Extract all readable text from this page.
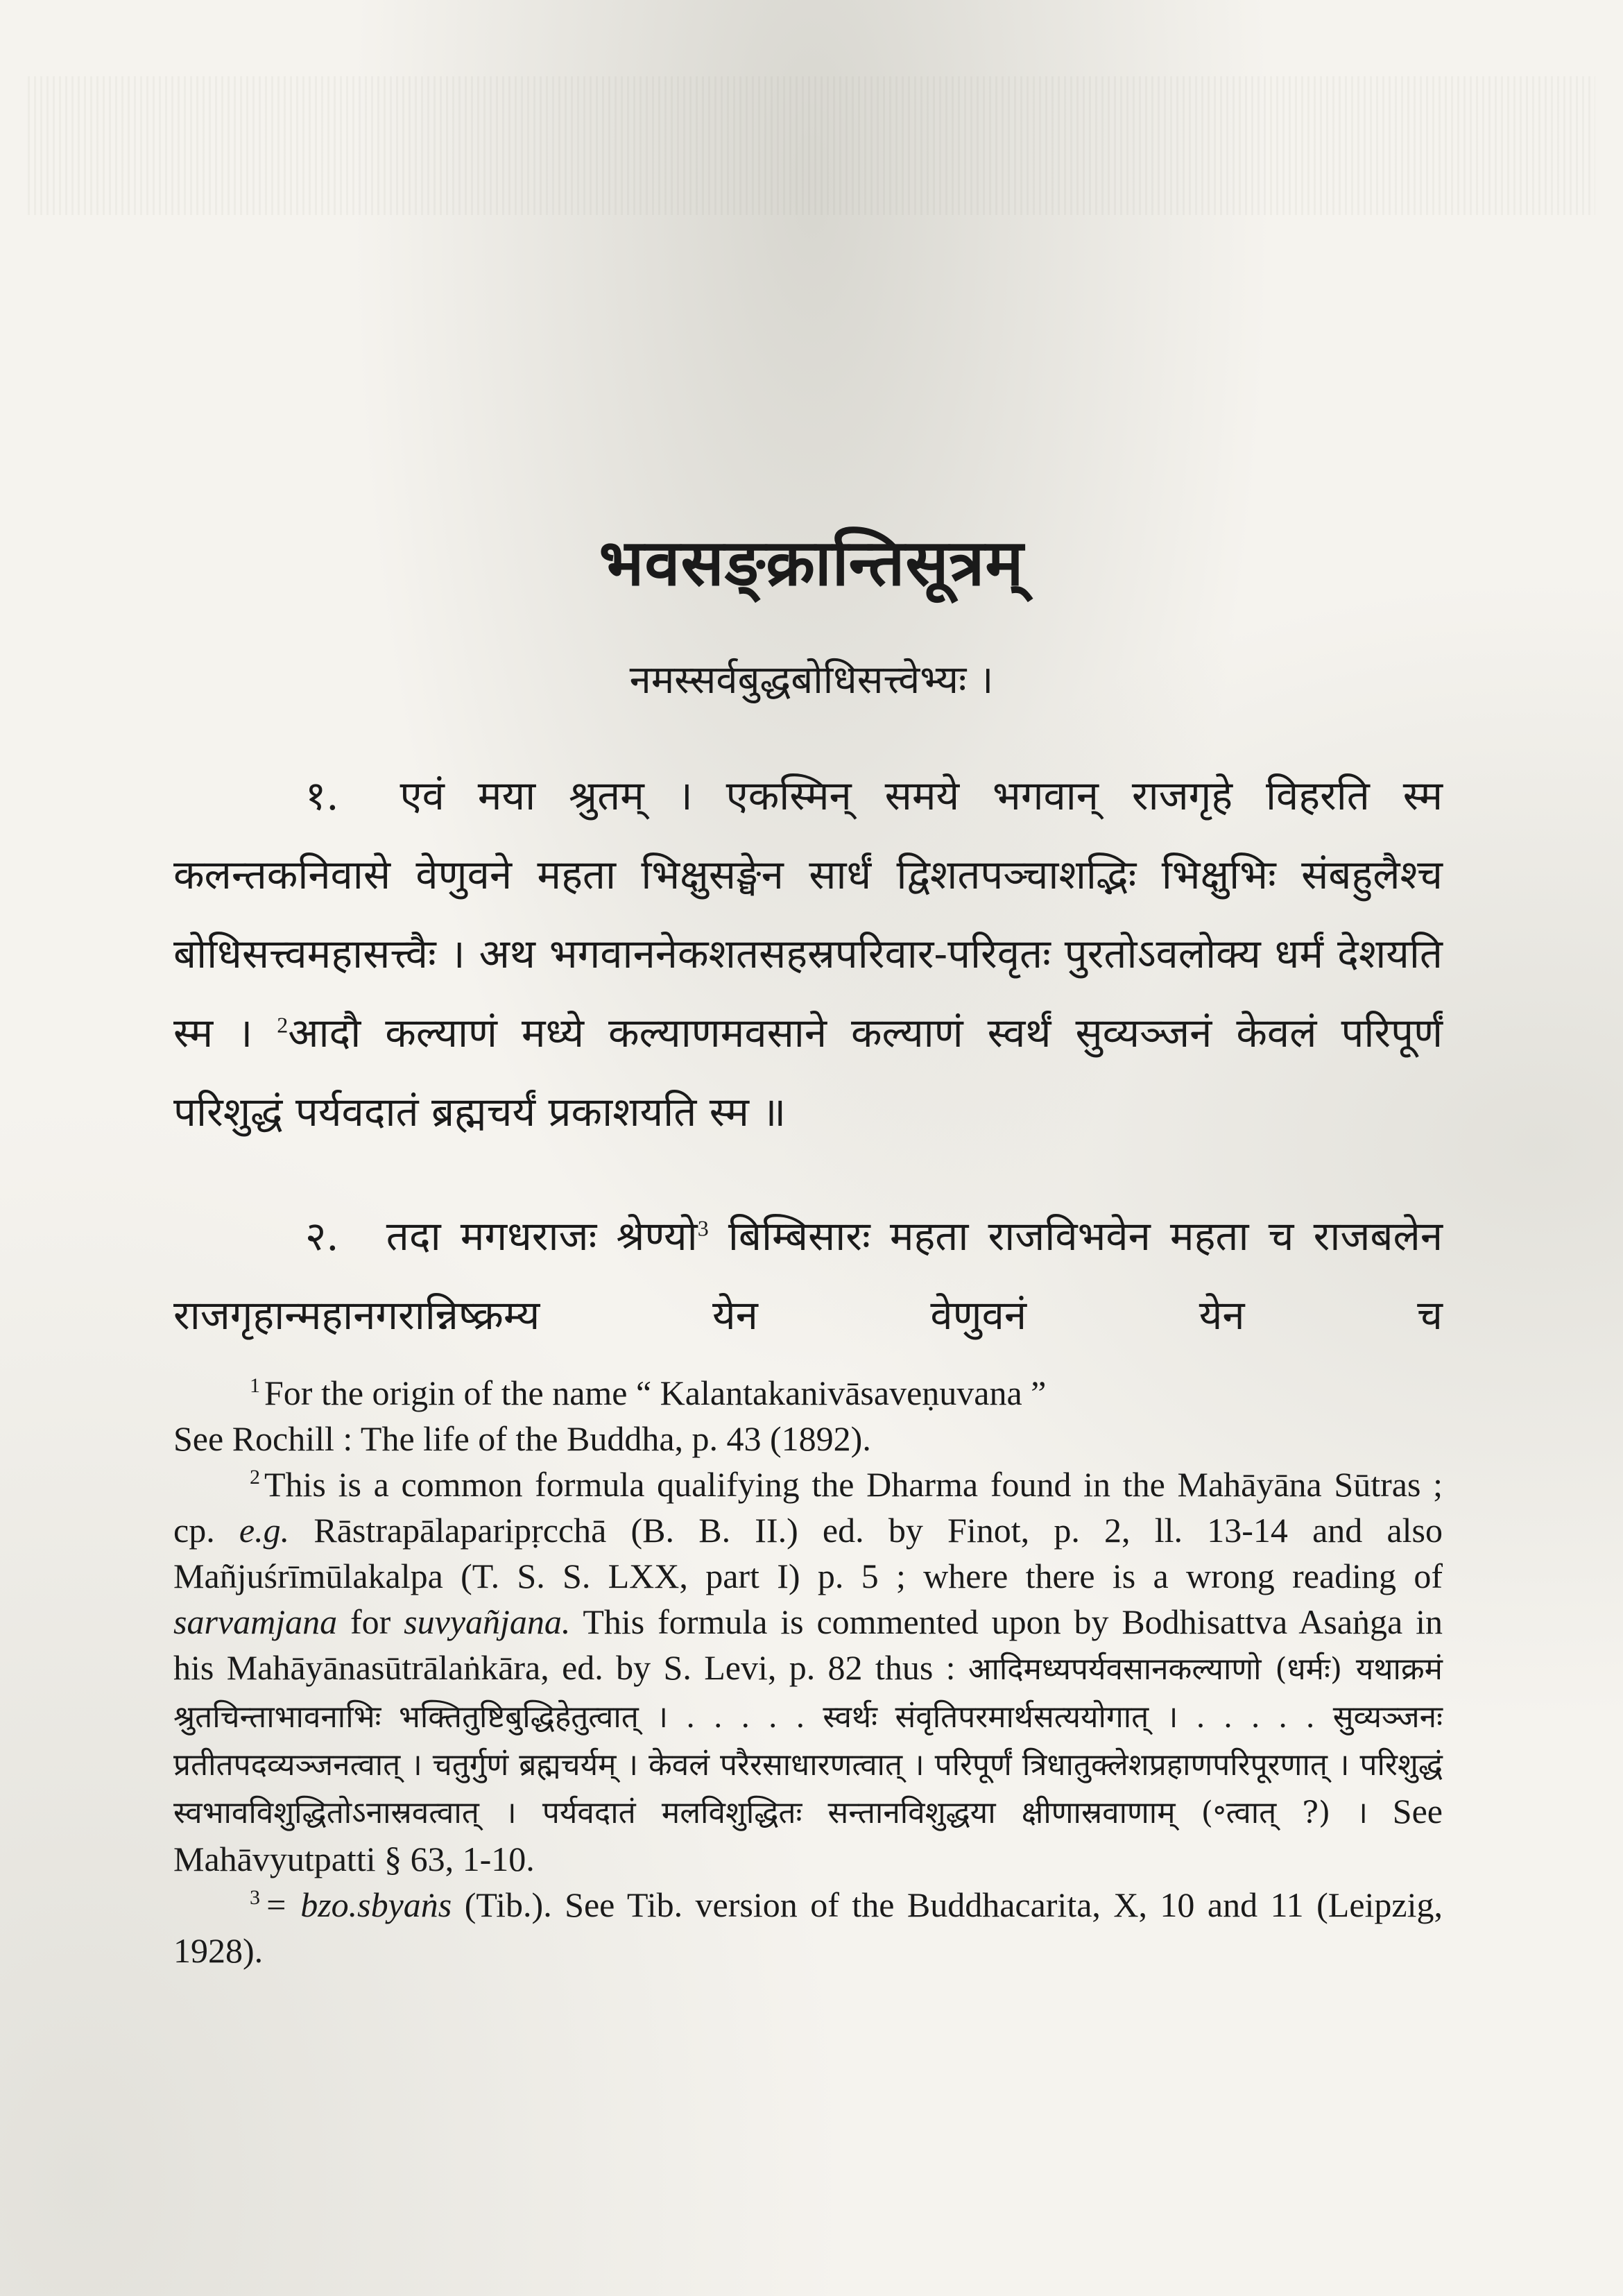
भवसङ्क्रान्तिसूत्रम्
नमस्सर्वबुद्धबोधिसत्त्वेभ्यः ।
१. एवं मया श्रुतम् । एकस्मिन् समये भगवान् राजगृहे विहरति स्म कलन्तकनिवासे वेणुवने महता भिक्षुसङ्घेन सार्धं द्विशतपञ्चाशद्भिः भिक्षुभिः संबहुलैश्च बोधिसत्त्वमहासत्त्वैः । अथ भगवाननेकशतसहस्रपरिवार-परिवृतः पुरतोऽवलोक्य धर्मं देशयति स्म । $^2$आदौ कल्याणं मध्ये कल्याणमवसाने कल्याणं स्वर्थं सुव्यञ्जनं केवलं परिपूर्णं परिशुद्धं पर्यवदातं ब्रह्मचर्यं प्रकाशयति स्म ॥
२. तदा मगधराजः श्रेण्यो$^3$ बिम्बिसारः महता राजविभवेन महता च राजबलेन राजगृहान्महानगरान्निष्क्रम्य येन वेणुवनं येन च

$^1$ For the origin of the name “ Kalantakanivāsaveṇuvana ”
See Rochill : The life of the Buddha, p. 43 (1892).

$^2$ This is a common formula qualifying the Dharma found in the Mahāyāna Sūtras ; cp. e.g. Rāstrapālaparipṛcchā (B. B. II.) ed. by Finot, p. 2, ll. 13-14 and also Mañjuśrīmūlakalpa (T. S. S. LXX, part I) p. 5 ; where there is a wrong reading of sarvamjana for suvyañjana. This formula is commented upon by Bodhisattva Asaṅga in his Mahāyānasūtrālaṅkāra, ed. by S. Levi, p. 82 thus : आदिमध्यपर्यवसानकल्याणो (धर्मः) यथाक्रमं श्रुतचिन्ताभावनाभिः भक्तितुष्टिबुद्धिहेतुत्वात् । . . . . . स्वर्थः संवृतिपरमार्थसत्ययोगात् । . . . . . सुव्यञ्जनः प्रतीतपदव्यञ्जनत्वात् । चतुर्गुणं ब्रह्मचर्यम् । केवलं परैरसाधारणत्वात् । परिपूर्णं त्रिधातुक्लेशप्रहाणपरिपूरणात् । परिशुद्धं स्वभावविशुद्धितोऽनास्रवत्वात् । पर्यवदातं मलविशुद्धितः सन्तानविशुद्धया क्षीणास्रवाणाम् (॰त्वात् ?) । See Mahāvyutpatti § 63, 1-10.

$^3$ = bzo.sbyaṅs (Tib.). See Tib. version of the Buddhacarita, X, 10 and 11 (Leipzig, 1928).
